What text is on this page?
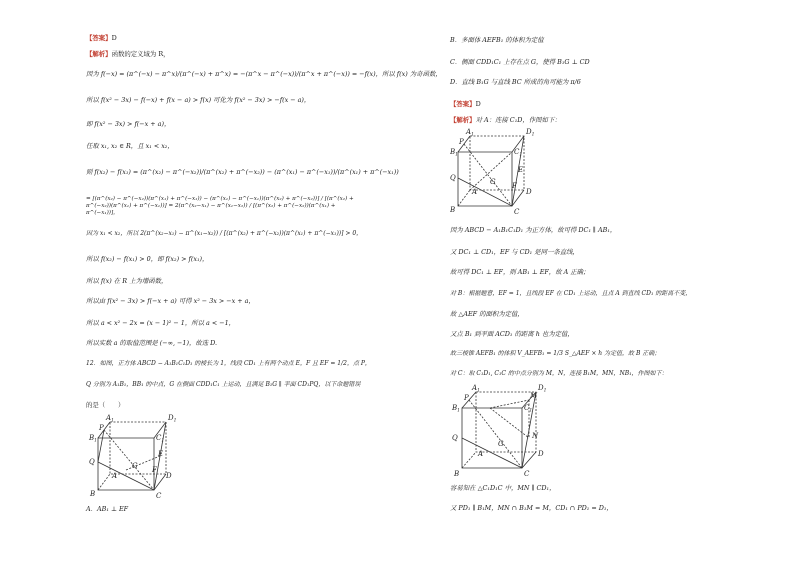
【答案】D
【解析】函数的定义域为 R，
因为 f(−x) = (π^(−x) − π^x)/(π^(−x) + π^x) = −(π^x − π^(−x))/(π^x + π^(−x)) = −f(x)，所以 f(x) 为奇函数，
所以 f(x² − 3x) − f(−x) + f(x − a) > f(x) 可化为 f(x² − 3x) > −f(x − a)，
即 f(x² − 3x) > f(−x + a)，
任取 x₁, x₂ ∈ R，且 x₁ < x₂，
则 f(x₂) − f(x₁) = (π^(x₂) − π^(−x₂))/(π^(x₂) + π^(−x₂)) − (π^(x₁) − π^(−x₁))/(π^(x₁) + π^(−x₁))
= [(π^(x₂) − π^(−x₂))(π^(x₁) + π^(−x₁)) − (π^(x₁) − π^(−x₁))(π^(x₂) + π^(−x₂))] / [(π^(x₂) + π^(−x₂))(π^(x₁) + π^(−x₁))] = 2(π^(x₂−x₁) − π^(x₁−x₂)) / [(π^(x₂) + π^(−x₂))(π^(x₁) + π^(−x₁))]，
因为 x₁ < x₂，所以 2(π^(x₂−x₁) − π^(x₁−x₂)) / [(π^(x₂) + π^(−x₂))(π^(x₁) + π^(−x₁))] > 0，
所以 f(x₂) − f(x₁) > 0，即 f(x₂) > f(x₁)，
所以 f(x) 在 R 上为增函数，
所以由 f(x² − 3x) > f(−x + a) 可得 x² − 3x > −x + a，
所以 a < x² − 2x = (x − 1)² − 1，所以 a < −1，
所以实数 a 的取值范围是 (−∞, −1)，故选 D.
12．如图，正方体 ABCD − A₁B₁C₁D₁ 的棱长为 1，线段 CD₁ 上有两个动点 E，F 且 EF = 1/2，点 P，
Q 分别为 A₁B₁，BB₁ 的中点，G 在侧面 CDD₁C₁ 上运动，且满足 B₁G ∥ 平面 CD₁PQ，以下命题错误
的是（　　）
$A_1$	$D_1$
P
$B_1$	$C_1$
Q
D
A
B	C
E
F
G
A．AB₁ ⊥ EF
B．多面体 AEFB₁ 的体积为定值
C．侧面 CDD₁C₁ 上存在点 G，使得 B₁G ⊥ CD
D．直线 B₁G 与直线 BC 所成的角可能为 π/6
【答案】D
【解析】对 A：连接 C₁D，作图如下：
$A_1$	$D_1$
P
$B_1$	$C_1$
Q
D
A
B	C
E
F
G
因为 ABCD − A₁B₁C₁D₁ 为正方体，故可得 DC₁ ∥ AB₁，
又 DC₁ ⊥ CD₁，EF 与 CD₁ 是同一条直线，
故可得 DC₁ ⊥ EF，则 AB₁ ⊥ EF，故 A 正确；
对 B：根据题意，EF = 1，且线段 EF 在 CD₁ 上运动，且点 A 到直线 CD₁ 的距离不变，
故 △AEF 的面积为定值，
又点 B₁ 到平面 ACD₁ 的距离 h 也为定值，
故三棱锥 AEFB₁ 的体积 V_AEFB₁ = 1/3 S_△AEF × h 为定值，故 B 正确；
对 C：取 C₁D₁, C₁C 的中点分别为 M，N，连接 B₁M，MN，NB₁，作图如下：
$A_1$	$D_1$
P
$B_1$	$C_1$
Q
D
A
B	C
M
N
G
容易知在 △C₁D₁C 中，MN ∥ CD₁，
又 PD₁ ∥ B₁M，MN ∩ B₁M = M，CD₁ ∩ PD₁ = D₁，
